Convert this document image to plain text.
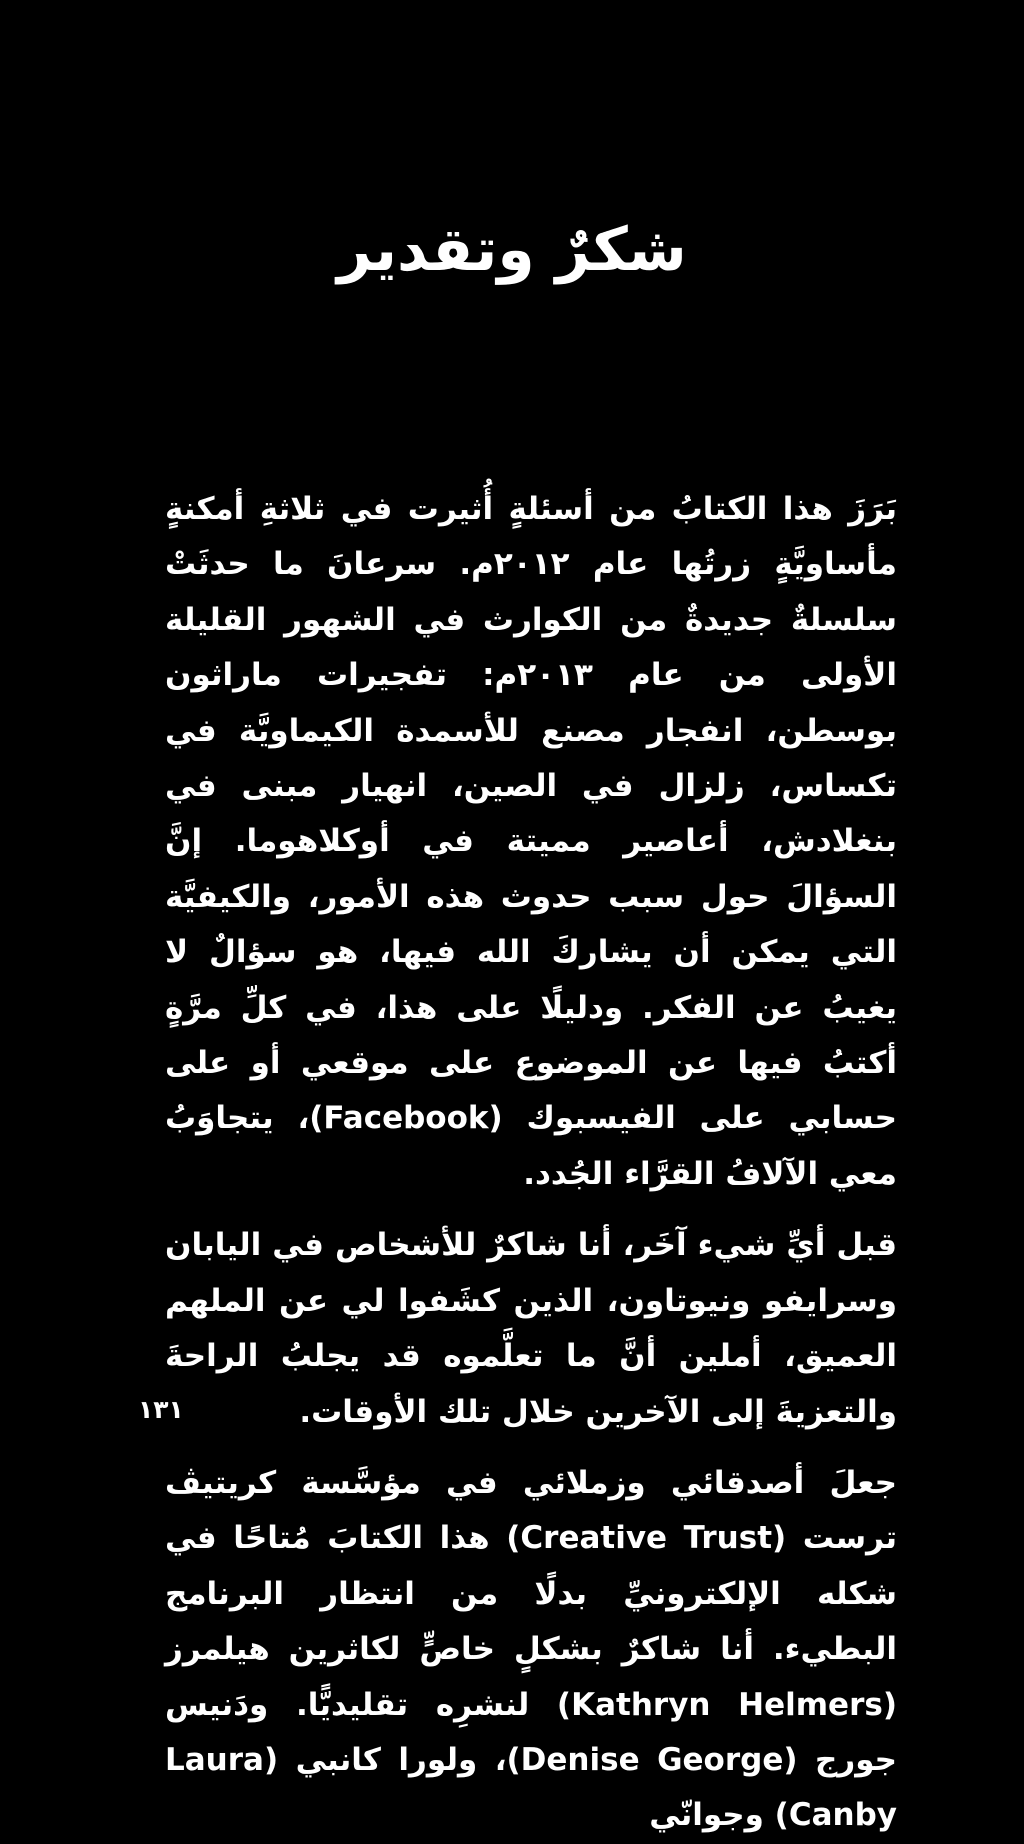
شكرٌ وتقدير

بَرَزَ هذا الكتابُ من أسئلةٍ أُثيرت في ثلاثةِ أمكنةٍ مأساويَّةٍ زرتُها عام ٢٠١٢م. سرعانَ ما حدثَتْ سلسلةٌ جديدةٌ من الكوارث في الشهور القليلة الأولى من عام ٢٠١٣م: تفجيرات ماراثون بوسطن، انفجار مصنع للأسمدة الكيماويَّة في تكساس، زلزال في الصين، انهيار مبنى في بنغلادش، أعاصير مميتة في أوكلاهوما. إنَّ السؤالَ حول سبب حدوث هذه الأمور، والكيفيَّة التي يمكن أن يشاركَ الله فيها، هو سؤالٌ لا يغيبُ عن الفكر. ودليلًا على هذا، في كلِّ مرَّةٍ أكتبُ فيها عن الموضوع على موقعي أو على حسابي على الفيسبوك (Facebook)، يتجاوَبُ معي الآلافُ القرَّاء الجُدد.

قبل أيِّ شيء آخَر، أنا شاكرٌ للأشخاص في اليابان وسرايفو ونيوتاون، الذين كشَفوا لي عن الملهم العميق، أملين أنَّ ما تعلَّموه قد يجلبُ الراحةَ والتعزيةَ إلى الآخرين خلال تلك الأوقات.

جعلَ أصدقائي وزملائي في مؤسَّسة كريتيڤ ترست (Creative Trust) هذا الكتابَ مُتاحًا في شكله الإلكترونيِّ بدلًا من انتظار البرنامج البطيء. أنا شاكرٌ بشكلٍ خاصٍّ لكاثرين هيلمرز (Kathryn Helmers) لنشرِه تقليديًّا. ودَنيس جورج (Denise George)، ولورا كانبي (Laura Canby) وجوانّي

١٣١
